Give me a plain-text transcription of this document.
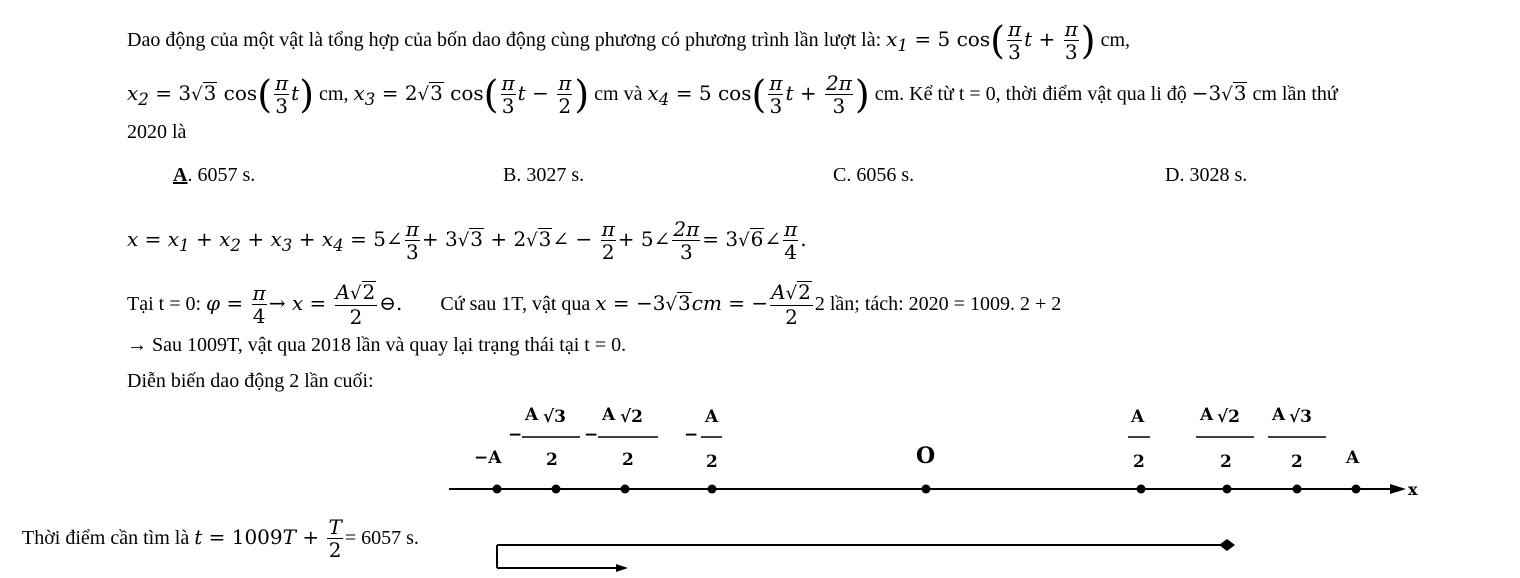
Dao động của một vật là tổng hợp của bốn dao động cùng phương có phương trình lần lượt là: $x_1 = 5$ $\cos( \frac{\pi}{3}$ $t + \frac{\pi}{3}$ ) cm,
$x_2 = 3√3$ $\cos( \frac{\pi}{3} t)$ cm, $x_3 = 2√3$ $\cos( \frac{\pi}{3}$ $t - \frac{\pi}{2}$ ) cm và $x_4 = 5$ $\cos( \frac{\pi}{3}$ $t + \frac{2\pi}{3}$ ) cm. Kể từ t = 0, thời điểm vật qua li độ −3√3 cm lần thứ
2020 là
A. 6057 s.	B. 3027 s.	C. 6056 s.	D. 3028 s.
$x = x_1 + x_2 + x_3 + x_4$ = 5∠ $\frac{\pi}{3} + 3√3$ + 2√3∠ − $\frac{\pi}{2}$ + 5∠ $\frac{2\pi}{3}$ = 3√6∠ $\frac{\pi}{4}$ .
Tại t = 0: $\varphi = \frac{\pi}{4} \to x = \frac{A√2}{2}$ ⊖. Cứ sau 1T, vật qua x = −3√3cm = − $\frac{A√2}{2} 2$ lần; tách: 2020 = 1009. 2 + 2
→ Sau 1009T, vật qua 2018 lần và quay lại trạng thái tại t = 0.
Diễn biến dao động 2 lần cuối:
Thời điểm cần tìm là $t = 1009T + \frac{T}{2} = 6057$ s.
−A
−
A √3
2
−
A √2
2
−
A
2	O
A
2
A √2
2
A √3
2	A
x
